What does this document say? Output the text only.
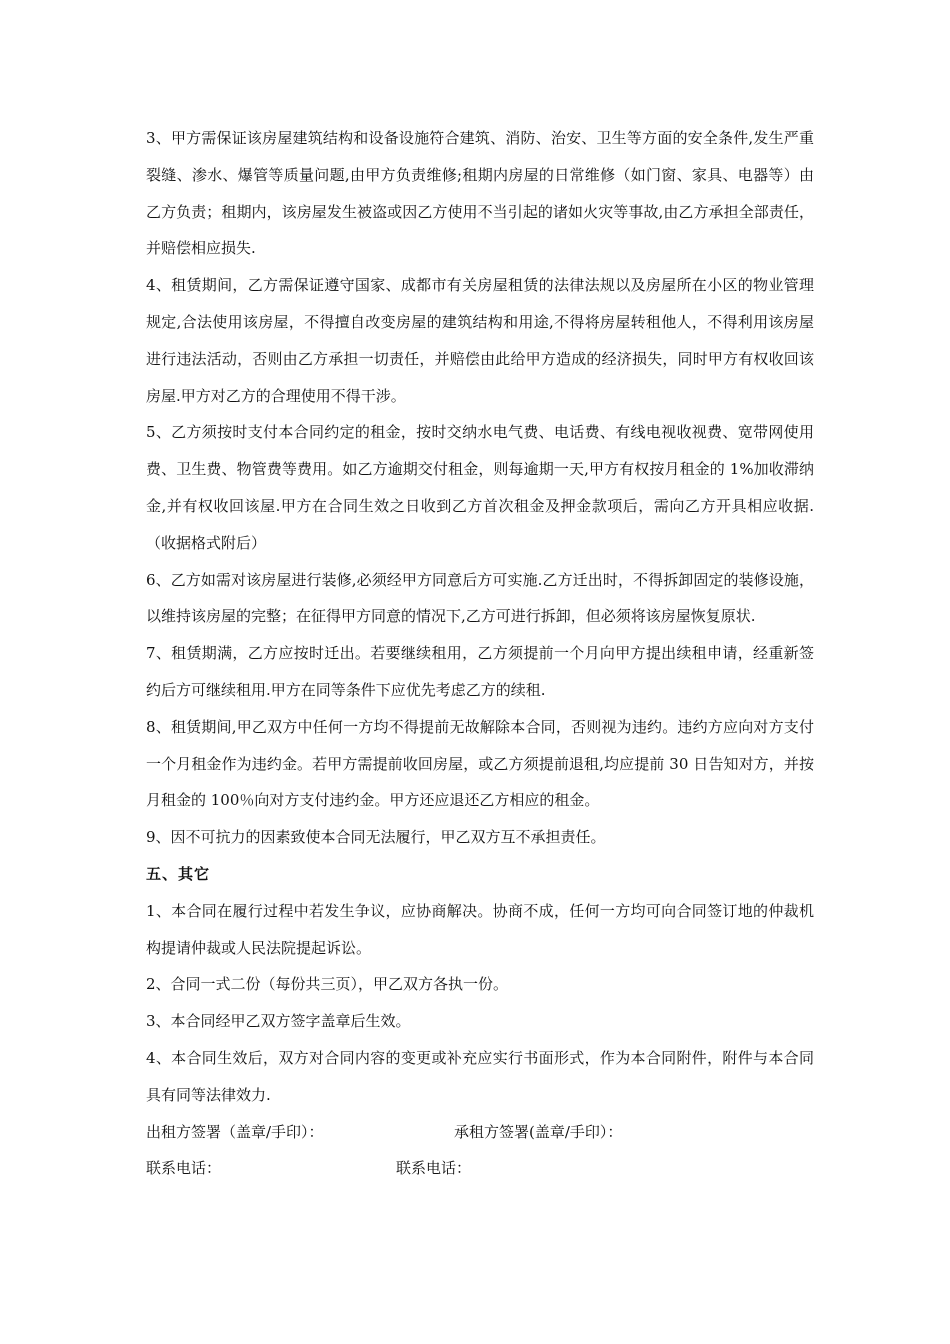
3、甲方需保证该房屋建筑结构和设备设施符合建筑、消防、治安、卫生等方面的安全条件,发生严重裂缝、渗水、爆管等质量问题,由甲方负责维修;租期内房屋的日常维修（如门窗、家具、电器等）由乙方负责；租期内，该房屋发生被盗或因乙方使用不当引起的诸如火灾等事故,由乙方承担全部责任，并赔偿相应损失.

4、租赁期间，乙方需保证遵守国家、成都市有关房屋租赁的法律法规以及房屋所在小区的物业管理规定,合法使用该房屋，不得擅自改变房屋的建筑结构和用途,不得将房屋转租他人，不得利用该房屋进行违法活动，否则由乙方承担一切责任，并赔偿由此给甲方造成的经济损失，同时甲方有权收回该房屋.甲方对乙方的合理使用不得干涉。

5、乙方须按时支付本合同约定的租金，按时交纳水电气费、电话费、有线电视收视费、宽带网使用费、卫生费、物管费等费用。如乙方逾期交付租金，则每逾期一天,甲方有权按月租金的 1%加收滞纳金,并有权收回该屋.甲方在合同生效之日收到乙方首次租金及押金款项后，需向乙方开具相应收据.（收据格式附后）

6、乙方如需对该房屋进行装修,必须经甲方同意后方可实施.乙方迁出时，不得拆卸固定的装修设施，以维持该房屋的完整；在征得甲方同意的情况下,乙方可进行拆卸，但必须将该房屋恢复原状.

7、租赁期满，乙方应按时迁出。若要继续租用，乙方须提前一个月向甲方提出续租申请，经重新签约后方可继续租用.甲方在同等条件下应优先考虑乙方的续租.

8、租赁期间,甲乙双方中任何一方均不得提前无故解除本合同，否则视为违约。违约方应向对方支付一个月租金作为违约金。若甲方需提前收回房屋，或乙方须提前退租,均应提前 30 日告知对方，并按月租金的 100％向对方支付违约金。甲方还应退还乙方相应的租金。

9、因不可抗力的因素致使本合同无法履行，甲乙双方互不承担责任。

五、其它

1、本合同在履行过程中若发生争议，应协商解决。协商不成，任何一方均可向合同签订地的仲裁机构提请仲裁或人民法院提起诉讼。

2、合同一式二份（每份共三页），甲乙双方各执一份。

3、本合同经甲乙双方签字盖章后生效。

4、本合同生效后，双方对合同内容的变更或补充应实行书面形式，作为本合同附件，附件与本合同具有同等法律效力.

出租方签署（盖章/手印）：	承租方签署(盖章/手印）：
联系电话：	联系电话：
